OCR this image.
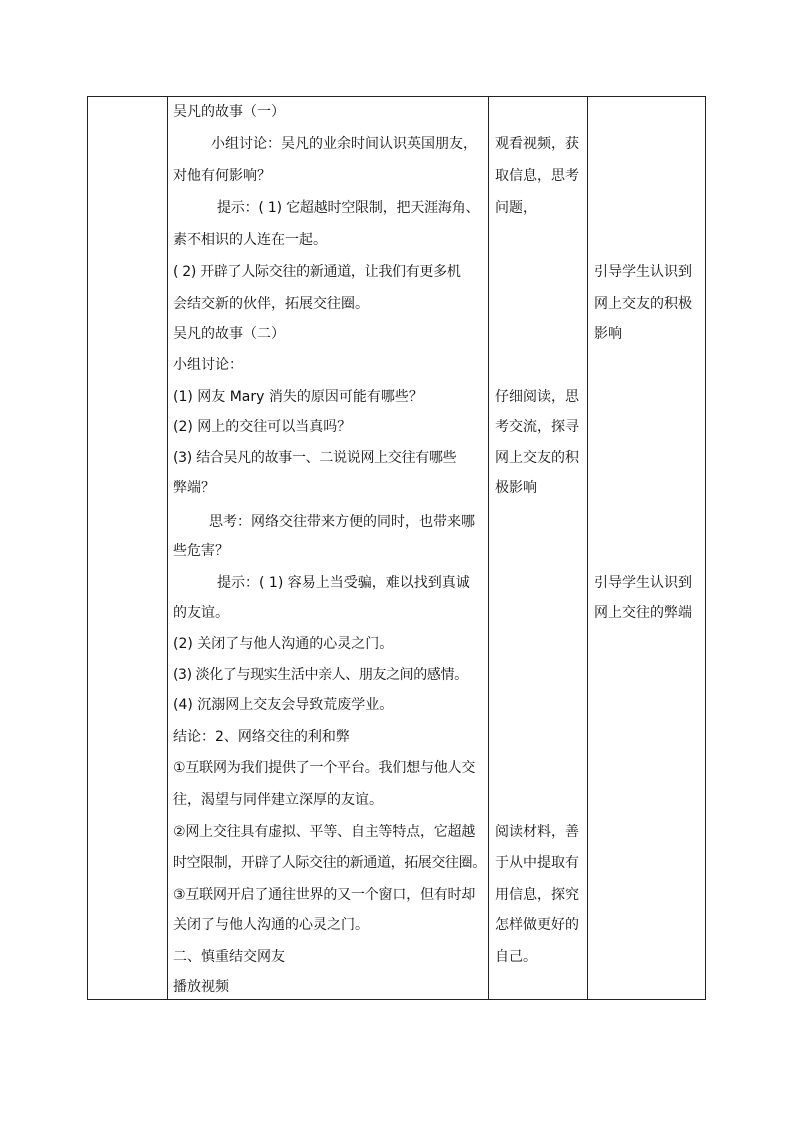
吴凡的故事（一）
小组讨论：吴凡的业余时间认识英国朋友，
对他有何影响？
提示：( 1) 它超越时空限制，把天涯海角、
素不相识的人连在一起。
( 2) 开辟了人际交往的新通道，让我们有更多机
会结交新的伙伴，拓展交往圈。
吴凡的故事（二）
小组讨论：
(1) 网友 Mary 消失的原因可能有哪些？
(2) 网上的交往可以当真吗？
(3) 结合吴凡的故事一、二说说网上交往有哪些
弊端？
思考：网络交往带来方便的同时，也带来哪
些危害？
提示：( 1) 容易上当受骗，难以找到真诚
的友谊。
(2) 关闭了与他人沟通的心灵之门。
(3) 淡化了与现实生活中亲人、朋友之间的感情。
(4) 沉溺网上交友会导致荒废学业。
结论：2、网络交往的利和弊
①互联网为我们提供了一个平台。我们想与他人交
往，渴望与同伴建立深厚的友谊。
②网上交往具有虚拟、平等、自主等特点，它超越
时空限制，开辟了人际交往的新通道，拓展交往圈。
③互联网开启了通往世界的又一个窗口，但有时却
关闭了与他人沟通的心灵之门。
二、慎重结交网友
播放视频
观看视频，获
取信息，思考
问题，
仔细阅读，思
考交流，探寻
网上交友的积
极影响
阅读材料，善
于从中提取有
用信息，探究
怎样做更好的
自己。
引导学生认识到
网上交友的积极
影响
引导学生认识到
网上交往的弊端
